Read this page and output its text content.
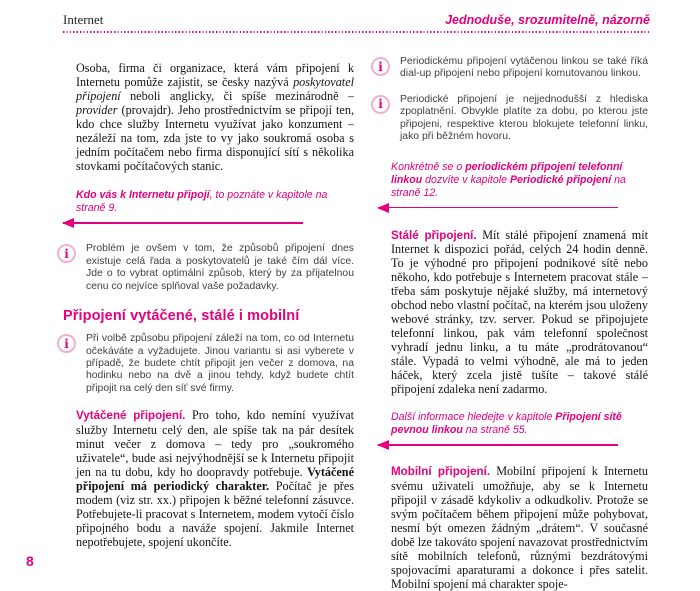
Internet	Jednoduše, srozumitelně, názorně

Osoba, firma či organizace, která vám připojení k Internetu pomůže zajistit, se česky nazývá poskytovatel připojení neboli anglicky, či spíše mezinárodně – provider (provajdr). Jeho prostřednictvím se připojí ten, kdo chce služby Internetu využívat jako konzument – nezáleží na tom, zda jste to vy jako soukromá osoba s jedním počítačem nebo firma disponující sítí s několika stovkami počítačových stanic.

Kdo vás k Internetu připojí, to poznáte v kapitole na straně 9.

i	Problém je ovšem v tom, že způsobů připojení dnes existuje celá řada a poskytovatelů je také čím dál více. Jde o to vybrat optimální způsob, který by za přijatelnou cenu co nejvíce splňoval vaše požadavky.

Připojení vytáčené, stálé i mobilní
i	Při volbě způsobu připojení záleží na tom, co od Internetu očekáváte a vyžadujete. Jinou variantu si asi vyberete v případě, že budete chtít připojit jen večer z domova, na hodinku nebo na dvě a jinou tehdy, když budete chtít připojit na celý den síť své firmy.

Vytáčené připojení. Pro toho, kdo nemíní využívat služby Internetu celý den, ale spíše tak na pár desítek minut večer z domova – tedy pro „soukromého uživatele“, bude asi nejvýhodnější se k Internetu připojit jen na tu dobu, kdy ho doopravdy potřebuje. Vytáčené připojení má periodický charakter. Počítač je přes modem (viz str. xx.) připojen k běžné telefonní zásuvce. Potřebujete-li pracovat s Internetem, modem vytočí číslo připojného bodu a naváže spojení. Jakmile Internet nepotřebujete, spojení ukončíte.

i	Periodickému připojení vytáčenou linkou se také říká dial-up připojení nebo připojení komutovanou linkou.

i	Periodické připojení je nejjednodušší z hlediska zpoplatnění. Obvykle platíte za dobu, po kterou jste připojeni, respektive kterou blokujete telefonní linku, jako při běžném hovoru.

Konkrétně se o periodickém připojení telefonní linkou dozvíte v kapitole Periodické připojení na straně 12.

Stálé připojení. Mít stálé připojení znamená mít Internet k dispozici pořád, celých 24 hodin denně. To je výhodné pro připojení podnikové sítě nebo někoho, kdo potřebuje s Internetem pracovat stále – třeba sám poskytuje nějaké služby, má internetový obchod nebo vlastní počítač, na kterém jsou uloženy webové stránky, tzv. server. Pokud se připojujete telefonní linkou, pak vám telefonní společnost vyhradí jednu linku, a tu máte „prodrátovanou“ stále. Vypadá to velmi výhodně, ale má to jeden háček, který zcela jistě tušíte – takové stálé připojení zdaleka není zadarmo.

Další informace hledejte v kapitole Připojení sítě pevnou linkou na straně 55.

Mobilní připojení. Mobilní připojení k Internetu svému uživateli umožňuje, aby se k Internetu připojil v zásadě kdykoliv a odkudkoliv. Protože se svým počítačem během připojení může pohybovat, nesmí být omezen žádným „drátem“. V současné době lze takováto spojení navazovat prostřednictvím sítě mobilních telefonů, různými bezdrátovými spojovacími aparaturami a dokonce i přes satelit. Mobilní spojení má charakter spoje-

8
